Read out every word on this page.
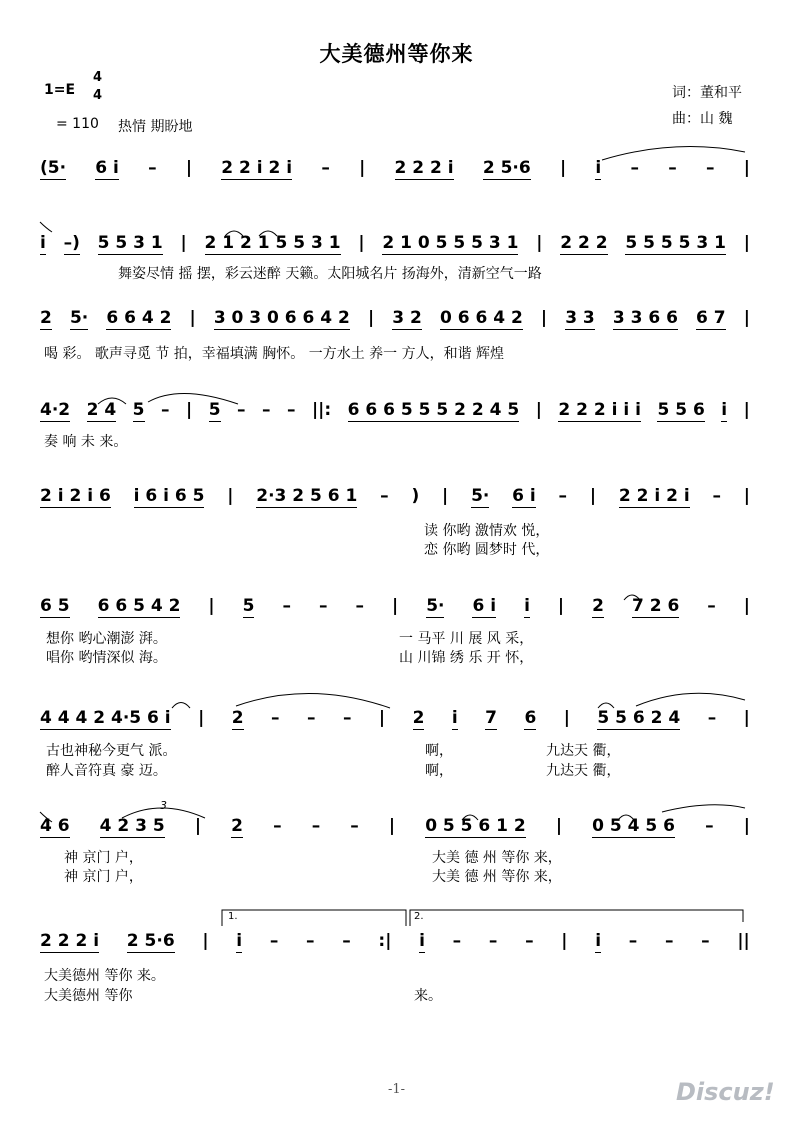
大美德州等你来
1=E
4
4
= 110 热情 期盼地
词：董和平
曲：山 魏
(5· 6 i – | 2 2 i 2 i – | 2 2 2 i 2 5·6 | i – – – |
i –) 5 5 3 1 | 2 1 2 1 5 5 3 1 | 2 1 0 5 5 5 3 1 | 2 2 2 5 5 5 5 3 1 |
舞姿尽情 摇 摆，彩云迷醉 天籁。太阳城名片 扬海外，清新空气一路
2 5· 6 6 4 2 | 3 0 3 0 6 6 4 2 | 3 2 0 6 6 4 2 | 3 3 3 3 6 6 6 7 |
喝 彩。 歌声寻觅 节 拍，幸福填满 胸怀。 一方水土 养一 方人，和谐 辉煌
4·2 2 4 5 – | 5 – – – ||: 6 6 6 5 5 5 2 2 4 5 | 2 2 2 i i i 5 5 6 i |
奏 响 未 来。
2 i 2 i 6 i 6 i 6 5 | 2·3 2 5 6 1 – ) | 5· 6 i – | 2 2 i 2 i – |
6 5 6 6 5 4 2 | 5 – – – | 5· 6 i i | 2 7 2 6 – |
想你 哟心潮澎 湃。
唱你 哟情深似 海。
4 4 4 2 4·5 6 i | 2 – – – | 2 i 7 6 | 5 5 6 2 4 – |
古也神秘今更气 派。
醉人音符真 豪 迈。
4 6 4 2 3 5 | 2 – – – | 0 5 5 6 1 2 | 0 5 4 5 6 – |
神 京门 户，
神 京门 户，
2 2 2 i 2 5·6 | i – – – :| i – – – | i – – – ||
大美德州 等你 来。
大美德州 等你
读 你哟 激情欢 悦，
恋 你哟 圆梦时 代，
一 马平 川 展 风 采，
山 川锦 绣 乐 开 怀，
啊，
啊，
九达天 衢，
九达天 衢，
大美 德 州 等你 来，
大美 德 州 等你 来，
来。
1.	2.
3
-1-	Discuz!
